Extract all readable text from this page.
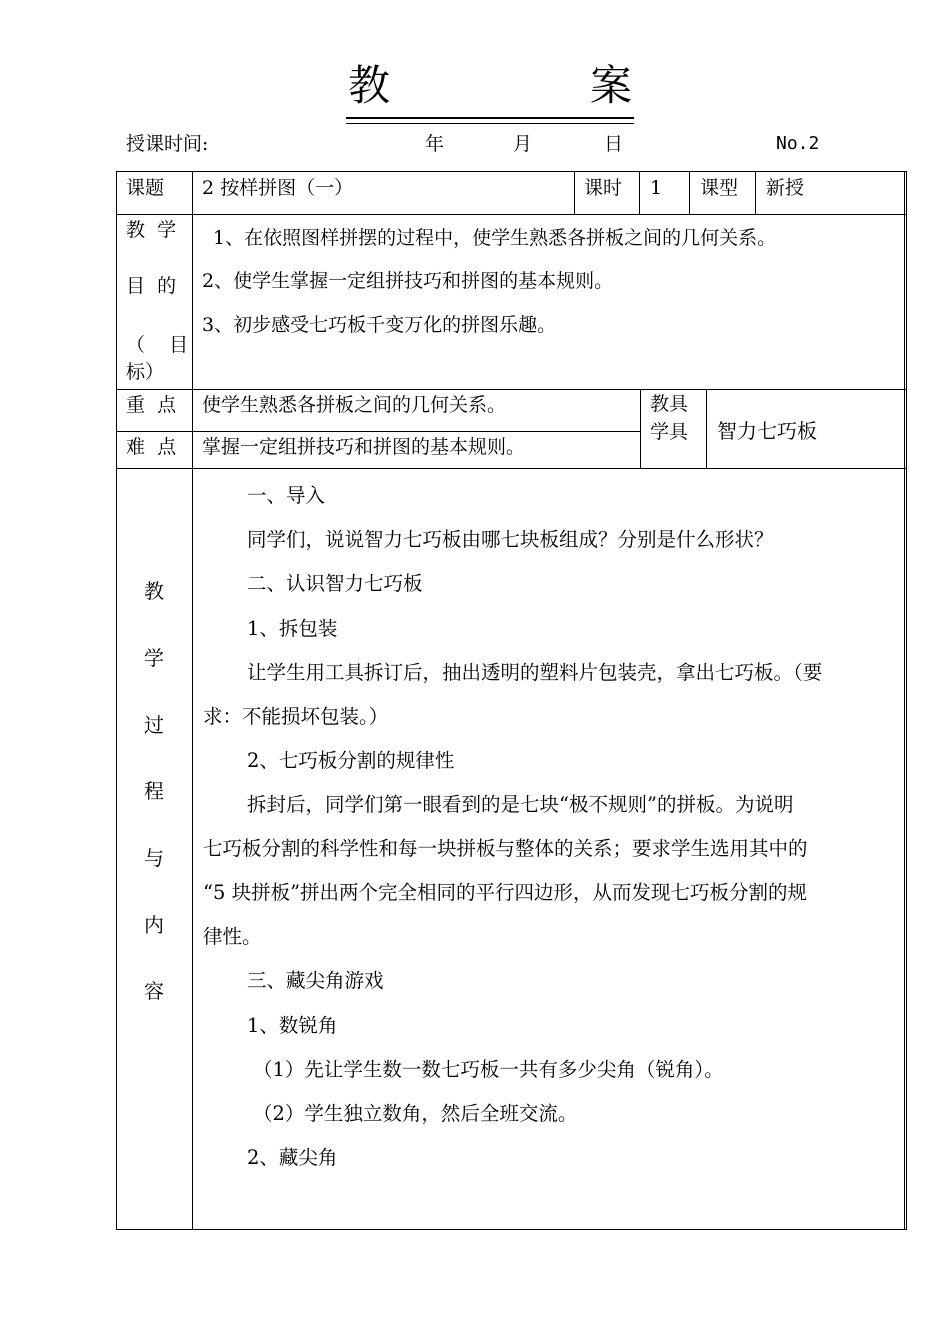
教	案
授课时间:	年	月	日	No.2
课题 2 按样拼图（一）	课时 1 课型 新授
教  学
目  的
（    目
标）
1、在依照图样拼摆的过程中，使学生熟悉各拼板之间的几何关系。
2、使学生掌握一定组拼技巧和拼图的基本规则。
3、初步感受七巧板千变万化的拼图乐趣。
重  点 使学生熟悉各拼板之间的几何关系。
难  点 掌握一定组拼技巧和拼图的基本规则。
教具
学具 智力七巧板
教
学
过
程
与
内
容
一、导入
同学们，说说智力七巧板由哪七块板组成？分别是什么形状？
二、认识智力七巧板
1、拆包装
让学生用工具拆订后，抽出透明的塑料片包装壳，拿出七巧板。（要
求：不能损坏包装。）
2、七巧板分割的规律性
拆封后，同学们第一眼看到的是七块“极不规则”的拼板。为说明
七巧板分割的科学性和每一块拼板与整体的关系；要求学生选用其中的
“5 块拼板”拼出两个完全相同的平行四边形，从而发现七巧板分割的规
律性。
三、藏尖角游戏
1、数锐角
（1）先让学生数一数七巧板一共有多少尖角（锐角）。
（2）学生独立数角，然后全班交流。
2、藏尖角
